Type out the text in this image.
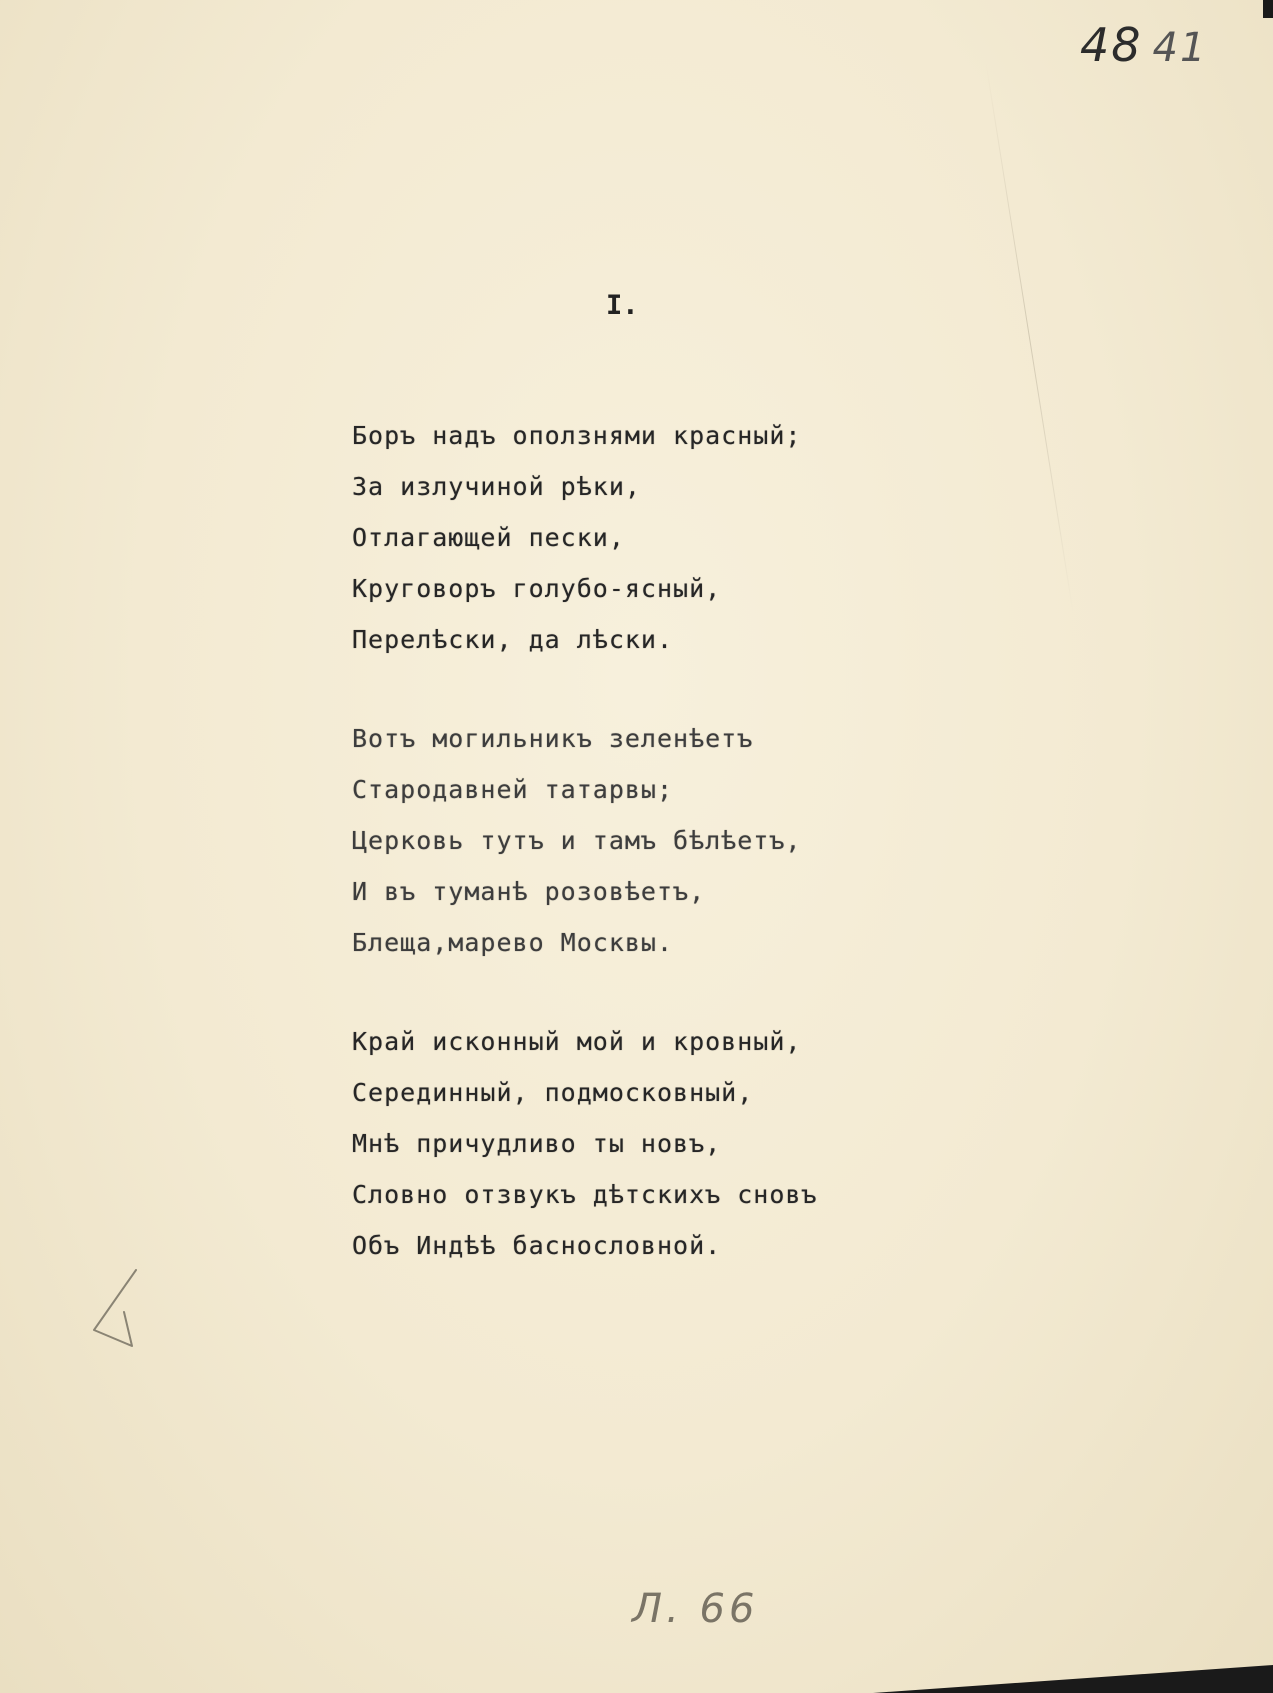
48 41
I.
Боръ надъ оползнями красный;
За излучиной рѣки,
Отлагающей пески,
Круговоръ голубо-ясный,
Перелѣски, да лѣски.
Вотъ могильникъ зеленѣетъ
Стародавней татарвы;
Церковь тутъ и тамъ бѣлѣетъ,
И въ туманѣ розовѣетъ,
Блеща,марево Москвы.
Край исконный мой и кровный,
Серединный, подмосковный,
Мнѣ причудливо ты новъ,
Словно отзвукъ дѣтскихъ сновъ
Объ Индѣѣ баснословной.
Л. 66
